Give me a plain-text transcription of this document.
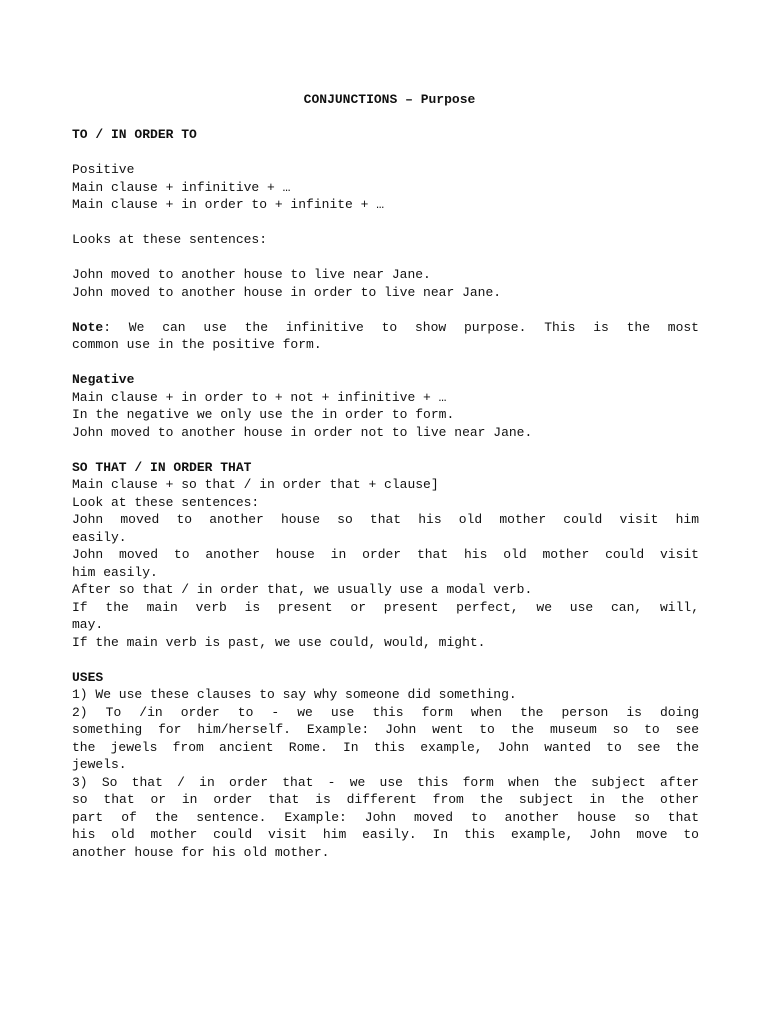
CONJUNCTIONS – Purpose
TO / IN ORDER TO
Positive
Main clause + infinitive + …
Main clause + in order to + infinite + …
Looks at these sentences:
John moved to another house to live near Jane.
John moved to another house in order to live near Jane.
Note: We can use the infinitive to show purpose. This is the most
common use in the positive form.
Negative
Main clause + in order to + not + infinitive + …
In the negative we only use the in order to form.
John moved to another house in order not to live near Jane.
SO THAT / IN ORDER THAT
Main clause + so that / in order that + clause]
Look at these sentences:
John moved to another house so that his old mother could visit him
easily.
John moved to another house in order that his old mother could visit
him easily.
After so that / in order that, we usually use a modal verb.
If the main verb is present or present perfect, we use can, will,
may.
If the main verb is past, we use could, would, might.
USES
1) We use these clauses to say why someone did something.
2) To /in order to - we use this form when the person is doing
something for him/herself. Example: John went to the museum so to see
the jewels from ancient Rome. In this example, John wanted to see the
jewels.
3) So that / in order that - we use this form when the subject after
so that or in order that is different from the subject in the other
part of the sentence. Example: John moved to another house so that
his old mother could visit him easily. In this example, John move to
another house for his old mother.
